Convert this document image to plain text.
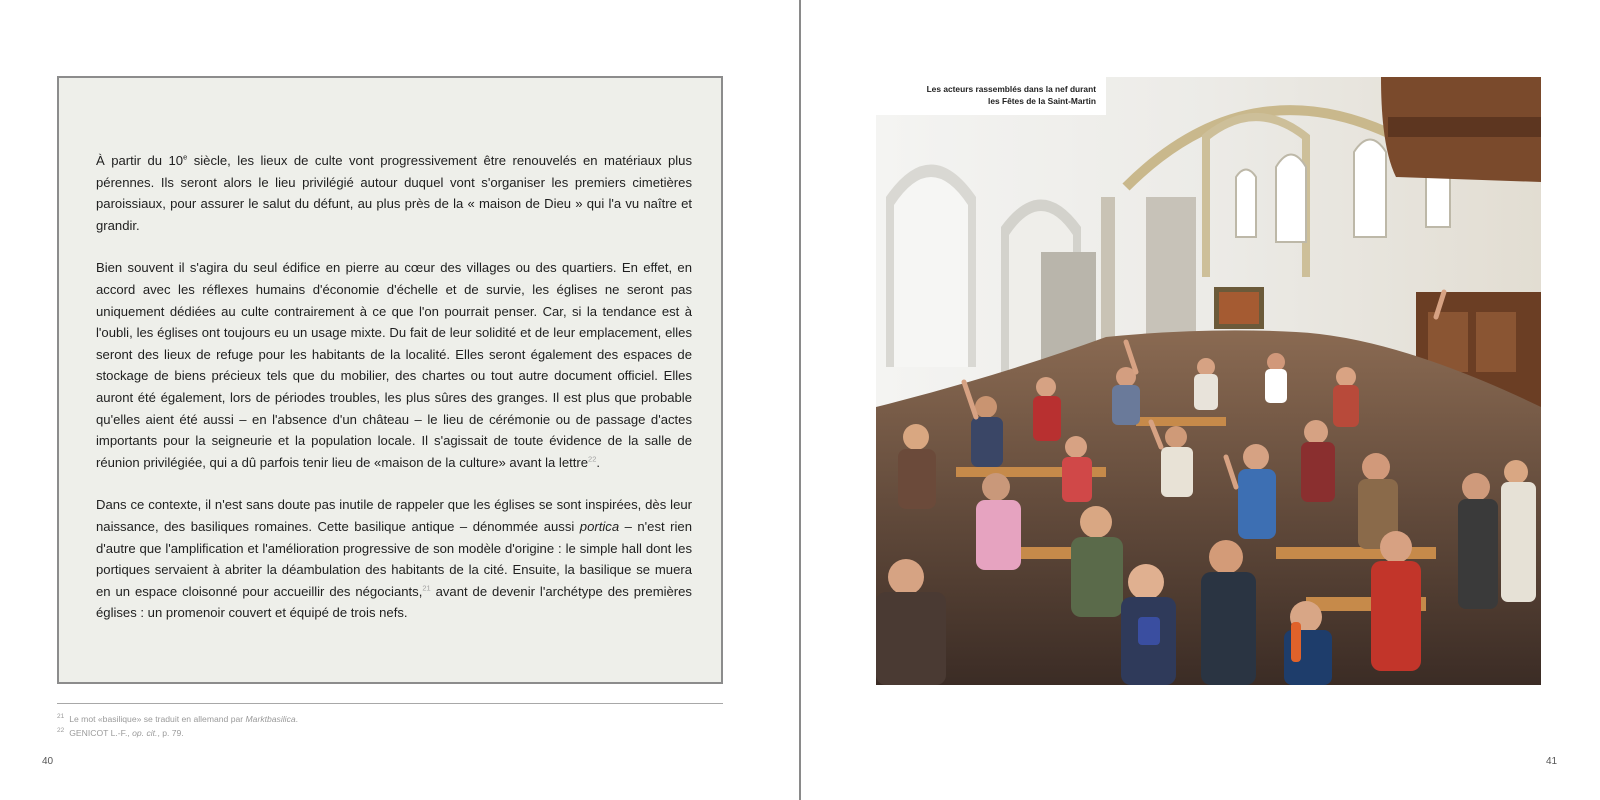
À partir du 10e siècle, les lieux de culte vont progressivement être renouvelés en matériaux plus pérennes. Ils seront alors le lieu privilégié autour duquel vont s'organiser les premiers cimetières paroissiaux, pour assurer le salut du défunt, au plus près de la « maison de Dieu » qui l'a vu naître et grandir.

Bien souvent il s'agira du seul édifice en pierre au cœur des villages ou des quartiers. En effet, en accord avec les réflexes humains d'économie d'échelle et de survie, les églises ne seront pas uniquement dédiées au culte contrairement à ce que l'on pourrait penser. Car, si la tendance est à l'oubli, les églises ont toujours eu un usage mixte. Du fait de leur solidité et de leur emplacement, elles seront des lieux de refuge pour les habitants de la localité. Elles seront également des espaces de stockage de biens précieux tels que du mobilier, des chartes ou tout autre document officiel. Elles auront été également, lors de périodes troubles, les plus sûres des granges. Il est plus que probable qu'elles aient été aussi – en l'absence d'un château – le lieu de cérémonie ou de passage d'actes importants pour la seigneurie et la population locale. Il s'agissait de toute évidence de la salle de réunion privilégiée, qui a dû parfois tenir lieu de «maison de la culture» avant la lettre$^{22}$.

Dans ce contexte, il n'est sans doute pas inutile de rappeler que les églises se sont inspirées, dès leur naissance, des basiliques romaines. Cette basilique antique – dénommée aussi portica – n'est rien d'autre que l'amplification et l'amélioration progressive de son modèle d'origine : le simple hall dont les portiques servaient à abriter la déambulation des habitants de la cité. Ensuite, la basilique se muera en un espace cloisonné pour accueillir des négociants,$^{21}$ avant de devenir l'archétype des premières églises : un promenoir couvert et équipé de trois nefs.

$^{21}$ Le mot «basilique» se traduit en allemand par Marktbasilica.
$^{22}$ GENICOT L.-F., op. cit., p. 79.
40
Les acteurs rassemblés dans la nef durant
les Fêtes de la Saint-Martin
41
